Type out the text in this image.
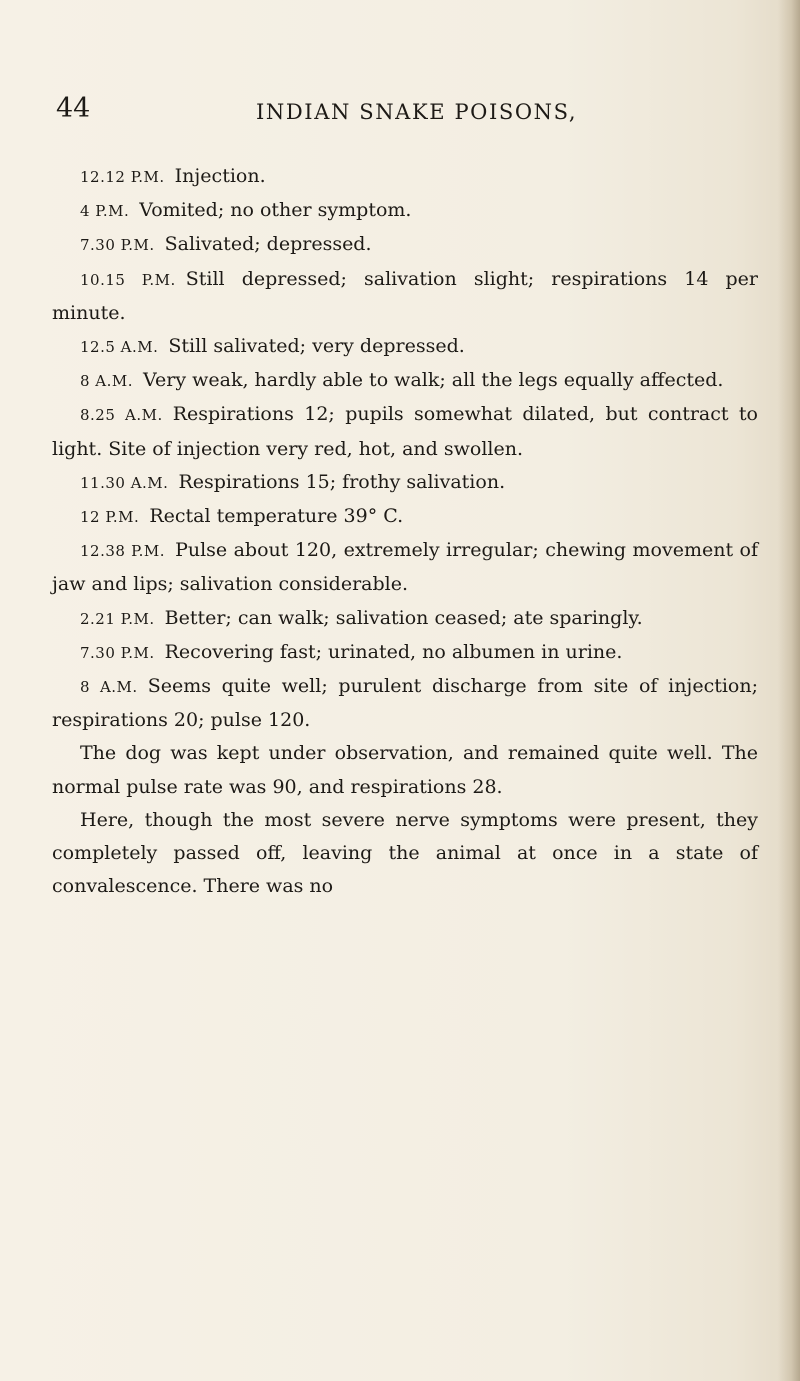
44	INDIAN SNAKE POISONS,

12.12 P.M. Injection.

4 P.M. Vomited; no other symptom.

7.30 P.M. Salivated; depressed.

10.15 P.M. Still depressed; salivation slight; respirations 14 per minute.

12.5 A.M. Still salivated; very depressed.

8 A.M. Very weak, hardly able to walk; all the legs equally affected.

8.25 A.M. Respirations 12; pupils somewhat dilated, but contract to light. Site of injection very red, hot, and swollen.

11.30 A.M. Respirations 15; frothy salivation.

12 P.M. Rectal temperature 39° C.

12.38 P.M. Pulse about 120, extremely irregular; chewing movement of jaw and lips; salivation considerable.

2.21 P.M. Better; can walk; salivation ceased; ate sparingly.

7.30 P.M. Recovering fast; urinated, no albumen in urine.

8 A.M. Seems quite well; purulent discharge from site of injection; respirations 20; pulse 120.

The dog was kept under observation, and remained quite well. The normal pulse rate was 90, and respirations 28.

Here, though the most severe nerve symptoms were present, they completely passed off, leaving the animal at once in a state of convalescence. There was no
